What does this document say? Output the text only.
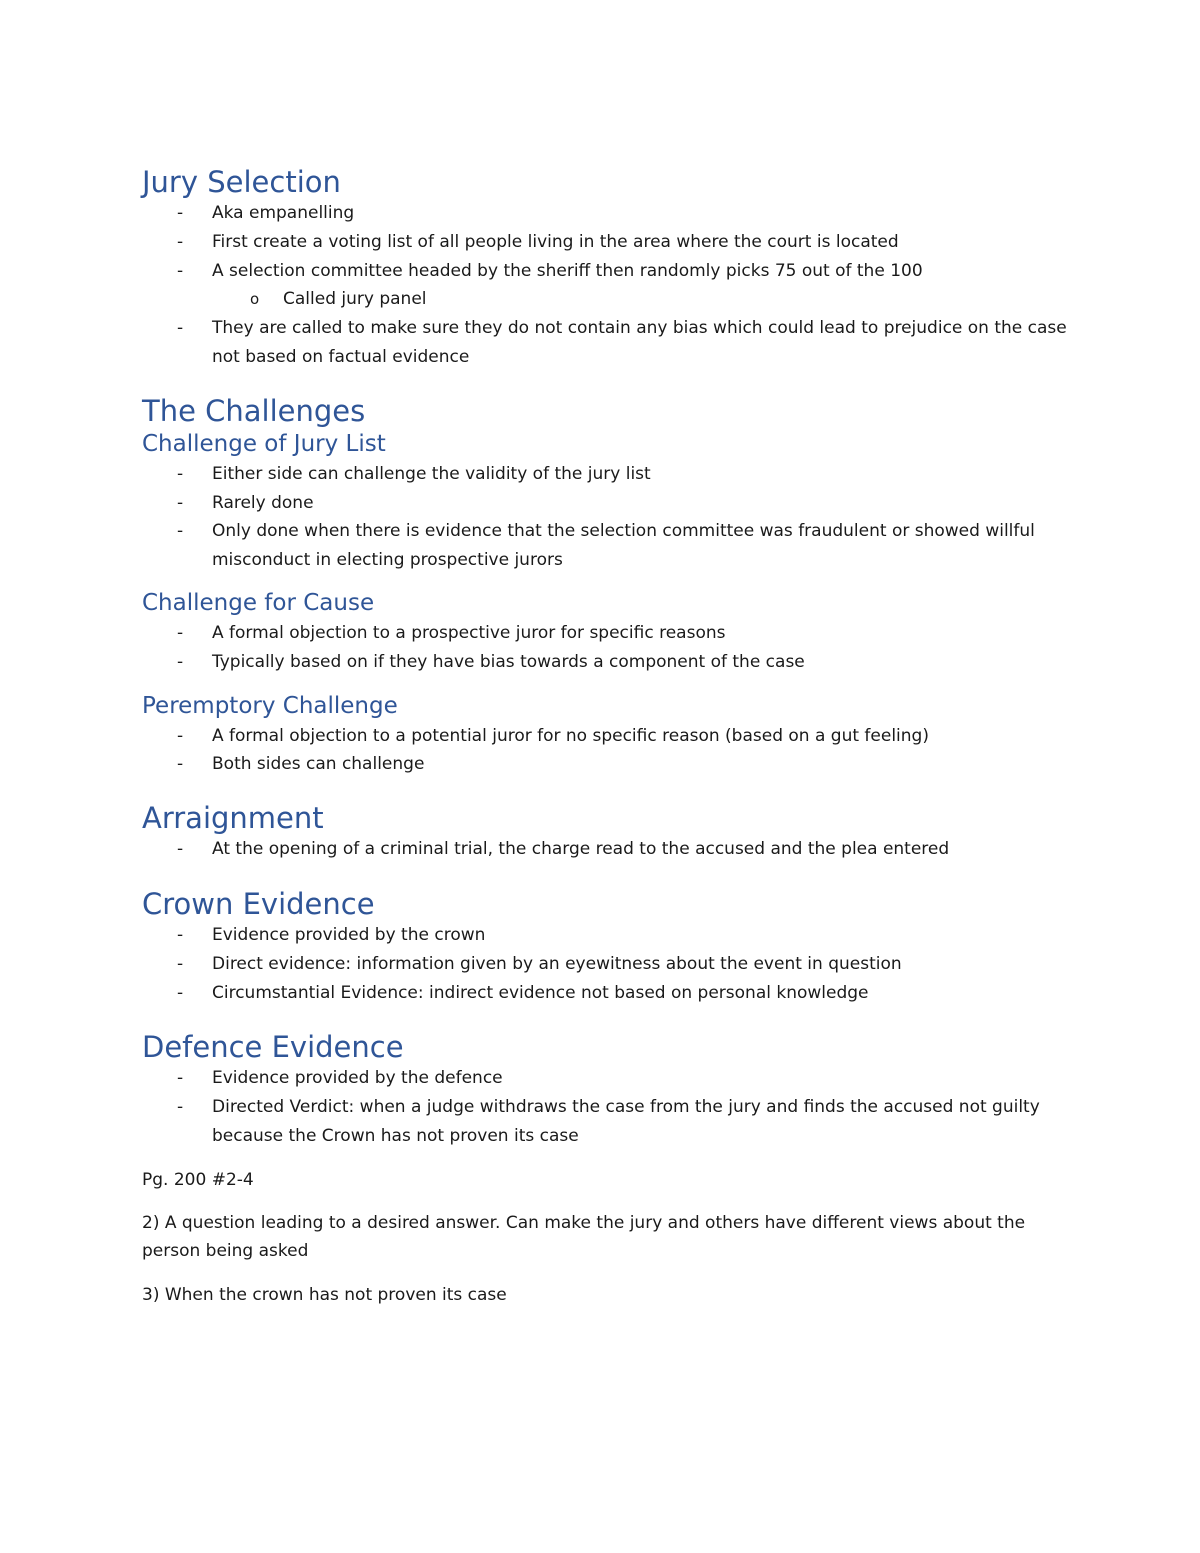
Jury Selection
- Aka empanelling
- First create a voting list of all people living in the area where the court is located
- A selection committee headed by the sheriff then randomly picks 75 out of the 100
o Called jury panel
- They are called to make sure they do not contain any bias which could lead to prejudice on the case not based on factual evidence
The Challenges
Challenge of Jury List
- Either side can challenge the validity of the jury list
- Rarely done
- Only done when there is evidence that the selection committee was fraudulent or showed willful misconduct in electing prospective jurors
Challenge for Cause
- A formal objection to a prospective juror for specific reasons
- Typically based on if they have bias towards a component of the case
Peremptory Challenge
- A formal objection to a potential juror for no specific reason (based on a gut feeling)
- Both sides can challenge
Arraignment
- At the opening of a criminal trial, the charge read to the accused and the plea entered
Crown Evidence
- Evidence provided by the crown
- Direct evidence: information given by an eyewitness about the event in question
- Circumstantial Evidence: indirect evidence not based on personal knowledge
Defence Evidence
- Evidence provided by the defence
- Directed Verdict: when a judge withdraws the case from the jury and finds the accused not guilty because the Crown has not proven its case

Pg. 200 #2-4

2) A question leading to a desired answer. Can make the jury and others have different views about the person being asked

3) When the crown has not proven its case
